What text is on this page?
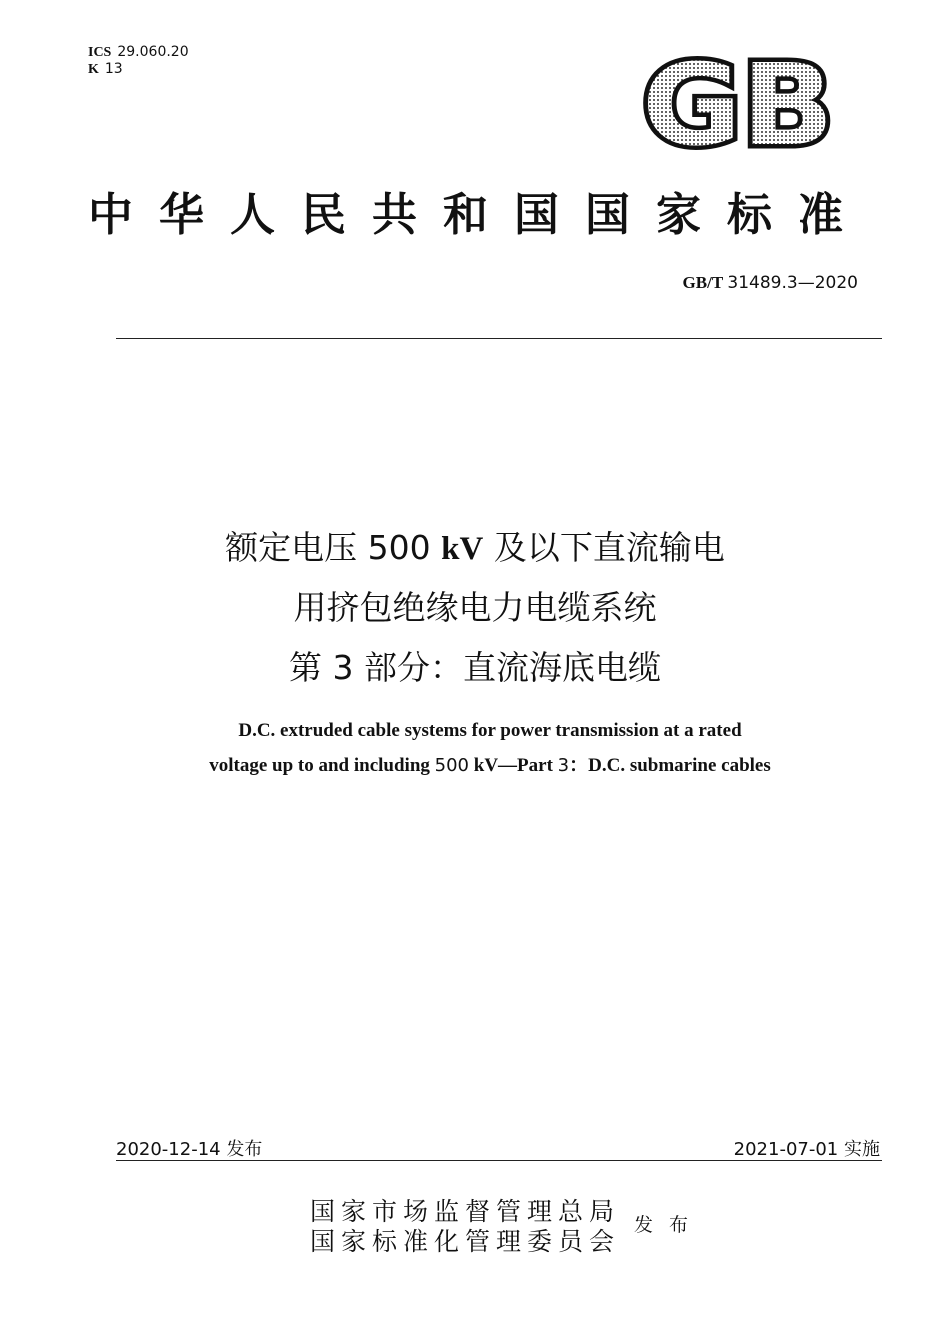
ICS 29.060.20
K 13	GB
中华人民共和国国家标准
GB/T 31489.3—2020
额定电压 500 kV 及以下直流输电
用挤包绝缘电力电缆系统
第 3 部分：直流海底电缆
D.C. extruded cable systems for power transmission at a rated
voltage up to and including 500 kV—Part 3：D.C. submarine cables
2020-12-14 发布	2021-07-01 实施
国家市场监督管理总局
国家标准化管理委员会
发布
